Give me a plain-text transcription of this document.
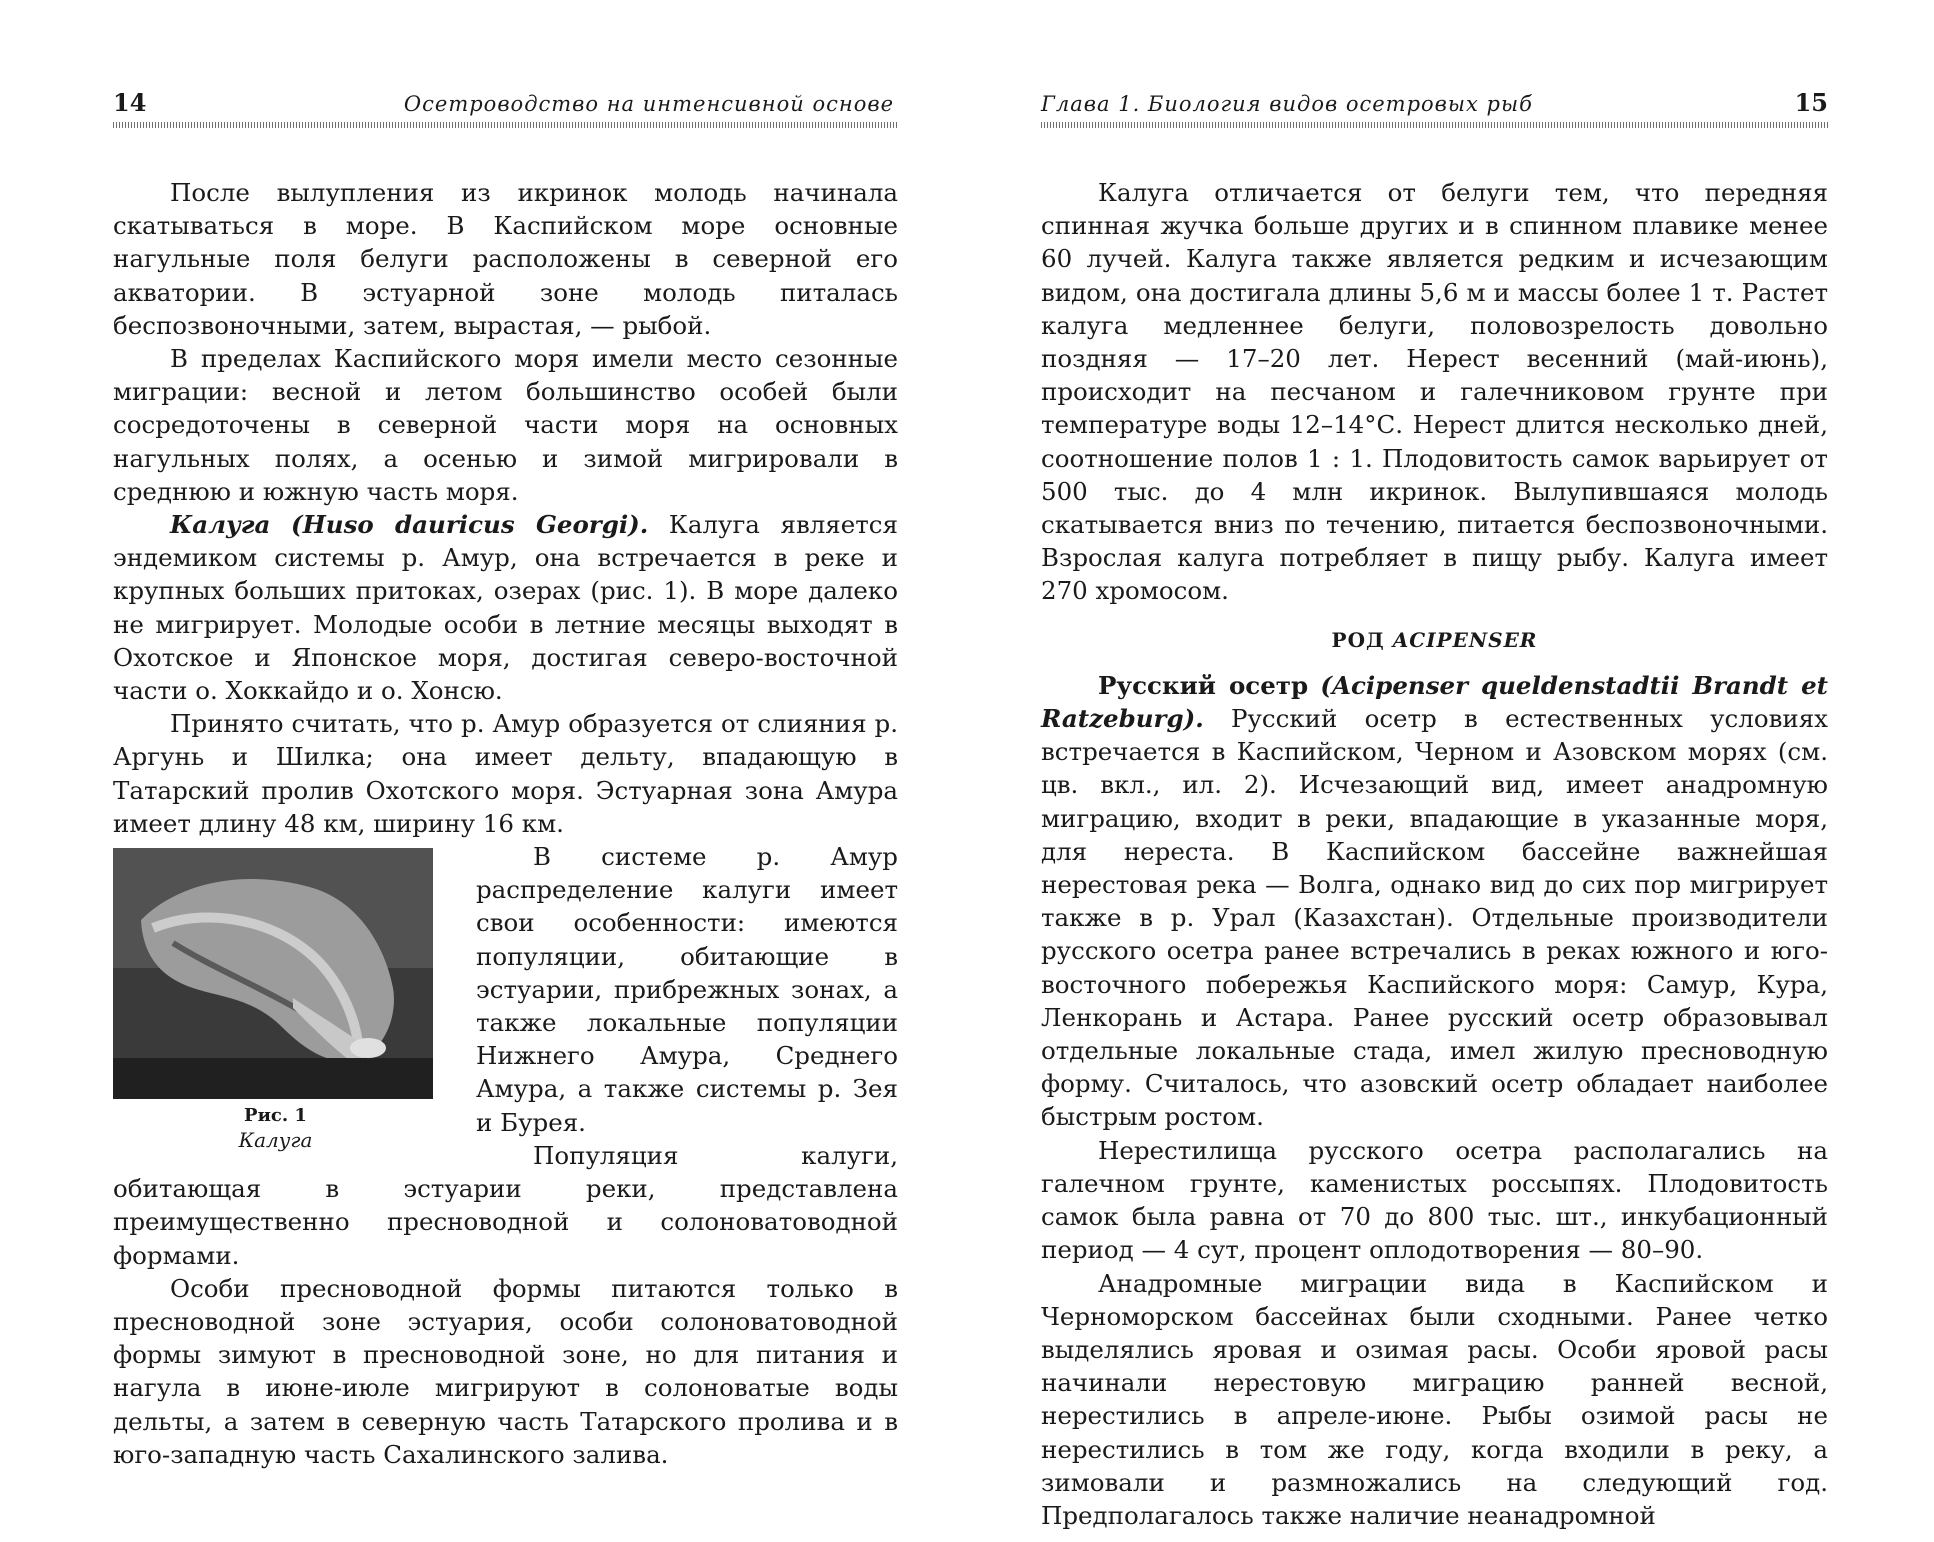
14	Осетроводство на интенсивной основе

После вылупления из икринок молодь начинала скатываться в море. В Каспийском море основные нагульные поля белуги расположены в северной его акватории. В эстуарной зоне молодь питалась беспозвоночными, затем, вырастая, — рыбой.

В пределах Каспийского моря имели место сезонные миграции: весной и летом большинство особей были сосредоточены в северной части моря на основных нагульных полях, а осенью и зимой мигрировали в среднюю и южную часть моря.

Калуга (Huso dauricus Georgi). Калуга является эндемиком системы р. Амур, она встречается в реке и крупных больших притоках, озерах (рис. 1). В море далеко не мигрирует. Молодые особи в летние месяцы выходят в Охотское и Японское моря, достигая северо-восточной части о. Хоккайдо и о. Хонсю.

Принято считать, что р. Амур образуется от слияния р. Аргунь и Шилка; она имеет дельту, впадающую в Татарский пролив Охотского моря. Эстуарная зона Амура имеет длину 48 км, ширину 16 км.

Рис. 1
Калуга

В системе р. Амур распределение калуги имеет свои особенности: имеются популяции, обитающие в эстуарии, прибрежных зонах, а также локальные популяции Нижнего Амура, Среднего Амура, а также системы р. Зея и Бурея.

Популяция калуги, обитающая в эстуарии реки, представлена преимущественно пресноводной и солоноватоводной формами.

Особи пресноводной формы питаются только в пресноводной зоне эстуария, особи солоноватоводной формы зимуют в пресноводной зоне, но для питания и нагула в июне-июле мигрируют в солоноватые воды дельты, а затем в северную часть Татарского пролива и в юго-западную часть Сахалинского залива.

Глава 1. Биология видов осетровых рыб	15

Калуга отличается от белуги тем, что передняя спинная жучка больше других и в спинном плавике менее 60 лучей. Калуга также является редким и исчезающим видом, она достигала длины 5,6 м и массы более 1 т. Растет калуга медленнее белуги, половозрелость довольно поздняя — 17–20 лет. Нерест весенний (май-июнь), происходит на песчаном и галечниковом грунте при температуре воды 12–14°С. Нерест длится несколько дней, соотношение полов 1 : 1. Плодовитость самок варьирует от 500 тыс. до 4 млн икринок. Вылупившаяся молодь скатывается вниз по течению, питается беспозвоночными. Взрослая калуга потребляет в пищу рыбу. Калуга имеет 270 хромосом.

РОД ACIPENSER

Русский осетр (Acipenser queldenstadtii Brandt et Ratzeburg). Русский осетр в естественных условиях встречается в Каспийском, Черном и Азовском морях (см. цв. вкл., ил. 2). Исчезающий вид, имеет анадромную миграцию, входит в реки, впадающие в указанные моря, для нереста. В Каспийском бассейне важнейшая нерестовая река — Волга, однако вид до сих пор мигрирует также в р. Урал (Казахстан). Отдельные производители русского осетра ранее встречались в реках южного и юго-восточного побережья Каспийского моря: Самур, Кура, Ленкорань и Астара. Ранее русский осетр образовывал отдельные локальные стада, имел жилую пресноводную форму. Считалось, что азовский осетр обладает наиболее быстрым ростом.

Нерестилища русского осетра располагались на галечном грунте, каменистых россыпях. Плодовитость самок была равна от 70 до 800 тыс. шт., инкубационный период — 4 сут, процент оплодотворения — 80–90.

Анадромные миграции вида в Каспийском и Черноморском бассейнах были сходными. Ранее четко выделялись яровая и озимая расы. Особи яровой расы начинали нерестовую миграцию ранней весной, нерестились в апреле-июне. Рыбы озимой расы не нерестились в том же году, когда входили в реку, а зимовали и размножались на следующий год. Предполагалось также наличие неанадромной
